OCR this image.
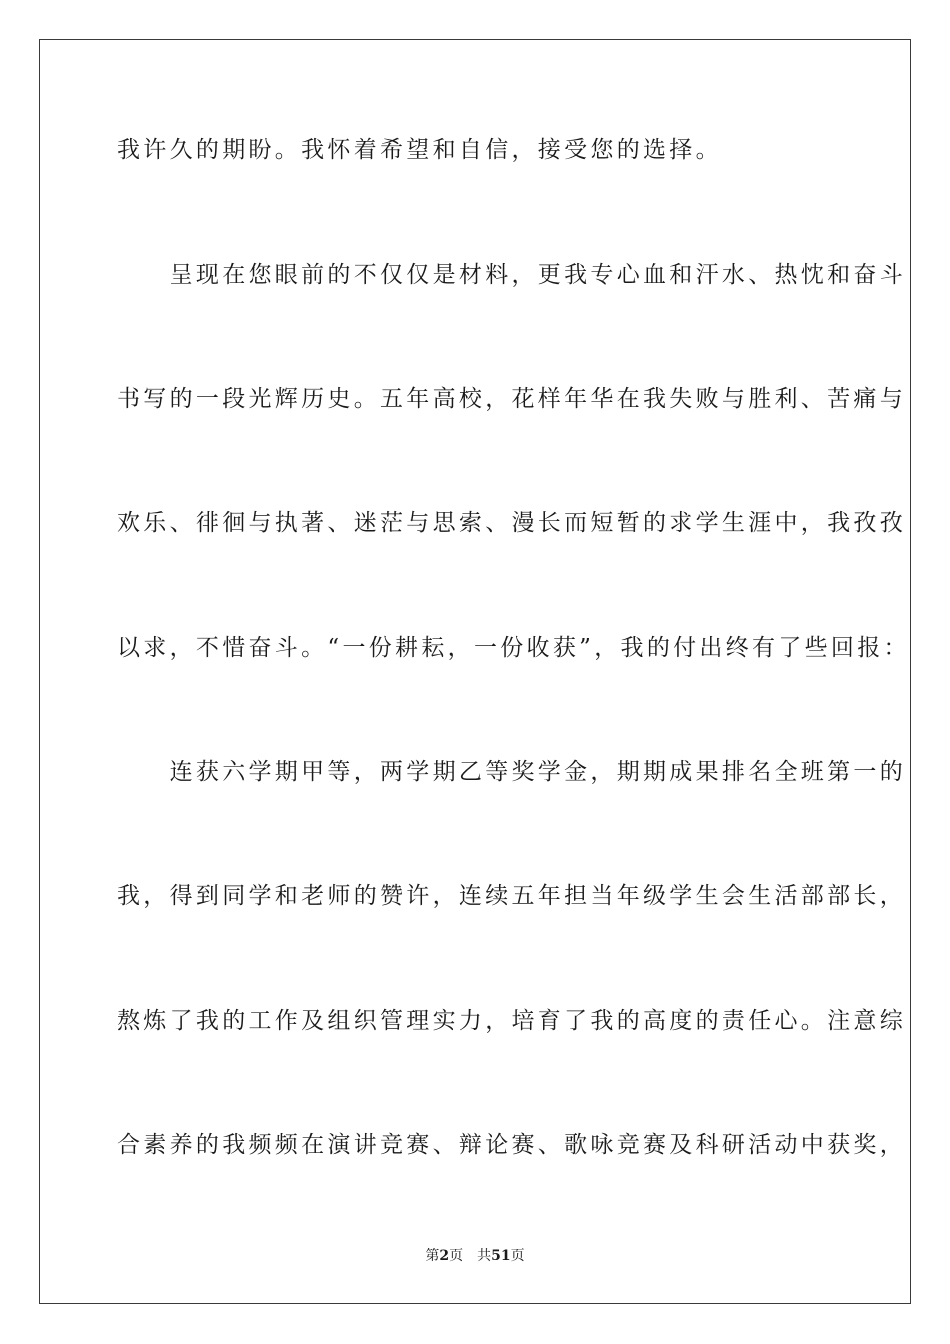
我许久的期盼。我怀着希望和自信，接受您的选择。
　　呈现在您眼前的不仅仅是材料，更我专心血和汗水、热忱和奋斗
书写的一段光辉历史。五年高校，花样年华在我失败与胜利、苦痛与
欢乐、徘徊与执著、迷茫与思索、漫长而短暂的求学生涯中，我孜孜
以求，不惜奋斗。“一份耕耘，一份收获”，我的付出终有了些回报：
　　连获六学期甲等，两学期乙等奖学金，期期成果排名全班第一的
我，得到同学和老师的赞许，连续五年担当年级学生会生活部部长，
熬炼了我的工作及组织管理实力，培育了我的高度的责任心。注意综
合素养的我频频在演讲竞赛、辩论赛、歌咏竞赛及科研活动中获奖，
第2页 共51页
